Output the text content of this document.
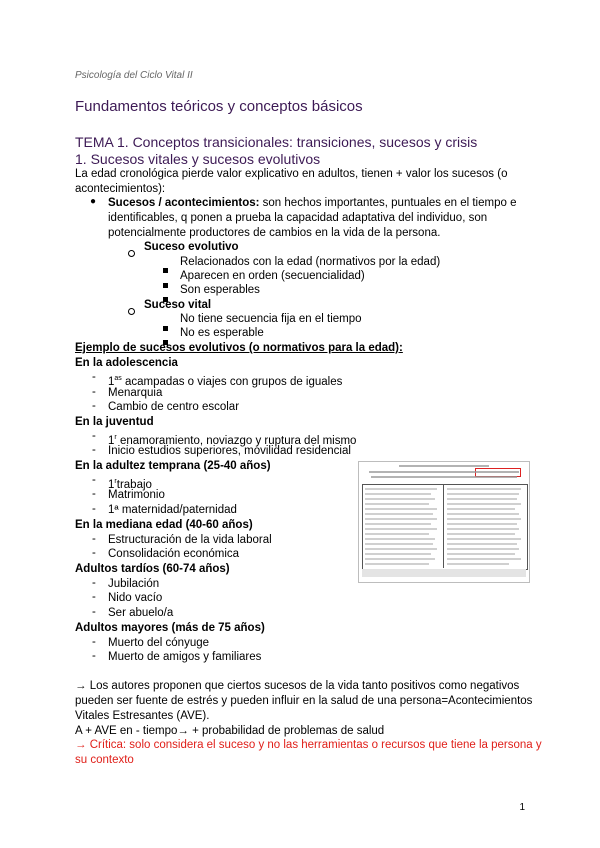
Psicología del Ciclo Vital II
Fundamentos teóricos y conceptos básicos
TEMA 1. Conceptos transicionales: transiciones, sucesos y crisis
1. Sucesos vitales y sucesos evolutivos
La edad cronológica pierde valor explicativo en adultos, tienen + valor los sucesos (o
acontecimientos):
● Sucesos / acontecimientos: son hechos importantes, puntuales en el tiempo e
identificables, q ponen a prueba la capacidad adaptativa del individuo, son
potencialmente productores de cambios en la vida de la persona.
Suceso evolutivo
Relacionados con la edad (normativos por la edad)
Aparecen en orden (secuencialidad)
Son esperables
Suceso vital
No tiene secuencia fija en el tiempo
No es esperable
Ejemplo de sucesos evolutivos (o normativos para la edad):
En la adolescencia
- $1^{as}$ acampadas o viajes con grupos de iguales
- Menarquia
- Cambio de centro escolar
En la juventud
- 1$^r$ enamoramiento, noviazgo y ruptura del mismo
- Inicio estudios superiores, movilidad residencial
En la adultez temprana (25-40 años)
- 1$^r$trabajo
- Matrimonio
- 1ª maternidad/paternidad
En la mediana edad (40-60 años)
- Estructuración de la vida laboral
- Consolidación económica
Adultos tardíos (60-74 años)
- Jubilación
- Nido vacío
- Ser abuelo/a
Adultos mayores (más de 75 años)
- Muerto del cónyuge
- Muerto de amigos y familiares
→ Los autores proponen que ciertos sucesos de la vida tanto positivos como negativos
pueden ser fuente de estrés y pueden influir en la salud de una persona=Acontecimientos
Vitales Estresantes (AVE).
A + AVE en - tiempo→ + probabilidad de problemas de salud
→ Crítica: solo considera el suceso y no las herramientas o recursos que tiene la persona y
su contexto
1
